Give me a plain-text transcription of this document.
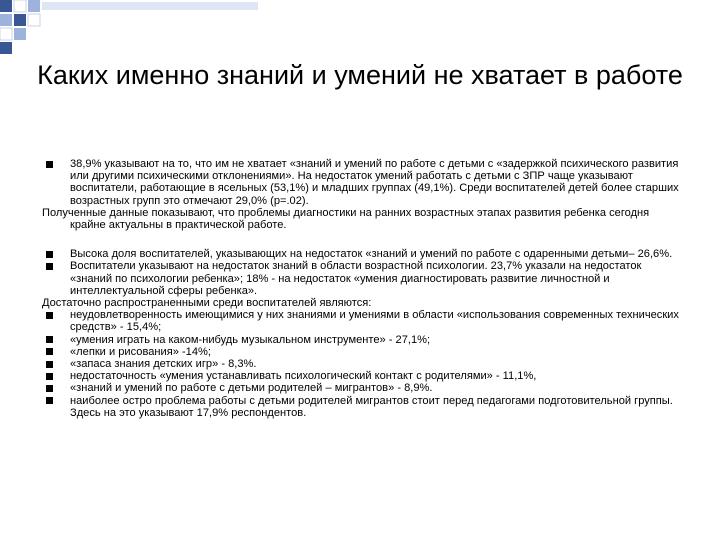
Каких именно знаний и умений не хватает в работе
38,9% указывают на то, что им не хватает «знаний и умений по работе с детьми с «задержкой психического развития или другими психическими отклонениями». На недостаток умений работать с детьми с ЗПР чаще указывают воспитатели, работающие в ясельных (53,1%) и младших группах (49,1%). Среди воспитателей детей более старших возрастных групп это отмечают 29,0% (р=.02).
Полученные данные показывают, что проблемы диагностики на ранних возрастных этапах развития ребенка сегодня крайне актуальны в практической работе.
Высока доля воспитателей, указывающих на недостаток «знаний и умений по работе с одаренными детьми– 26,6%.
Воспитатели указывают на недостаток знаний в области возрастной психологии. 23,7% указали на недостаток «знаний по психологии ребенка»; 18% - на недостаток «умения диагностировать развитие личностной и интеллектуальной сферы ребенка».
Достаточно распространенными среди воспитателей являются:
неудовлетворенность имеющимися у них знаниями и умениями в области «использования современных технических средств» - 15,4%;
«умения играть на каком-нибудь музыкальном инструменте» - 27,1%;
«лепки и рисования» -14%;
«запаса знания детских игр» - 8,3%.
недостаточность «умения устанавливать психологический контакт с родителями» - 11,1%,
«знаний и умений по работе с детьми родителей – мигрантов» - 8,9%.
наиболее остро проблема работы с детьми родителей мигрантов стоит перед педагогами подготовительной группы. Здесь на это указывают 17,9% респондентов.
